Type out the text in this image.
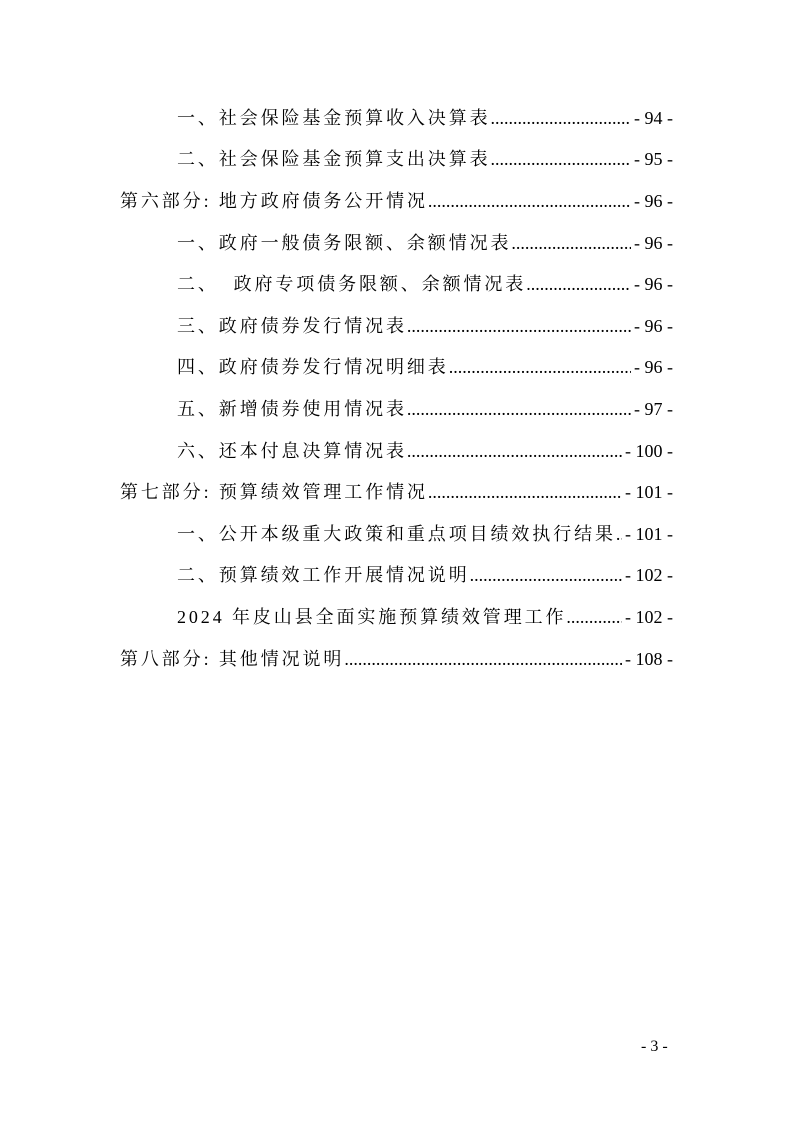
一、社会保险基金预算收入决算表 .....	- 94 -
二、社会保险基金预算支出决算表 .....	- 95 -
第六部分: 地方政府债务公开情况 .....	- 96 -
一、政府一般债务限额、余额情况表 .....	- 96 -
二、  政府专项债务限额、余额情况表 .....	- 96 -
三、政府债券发行情况表 .....	- 96 -
四、政府债券发行情况明细表 .....	- 96 -
五、新增债券使用情况表 .....	- 97 -
六、还本付息决算情况表 .....	- 100 -
第七部分: 预算绩效管理工作情况 .....	- 101 -
一、公开本级重大政策和重点项目绩效执行结果 ..... - 101 -
二、预算绩效工作开展情况说明 .....	- 102 -
2024 年皮山县全面实施预算绩效管理工作 .....	- 102 -
第八部分: 其他情况说明 .....	- 108 -
- 3 -
